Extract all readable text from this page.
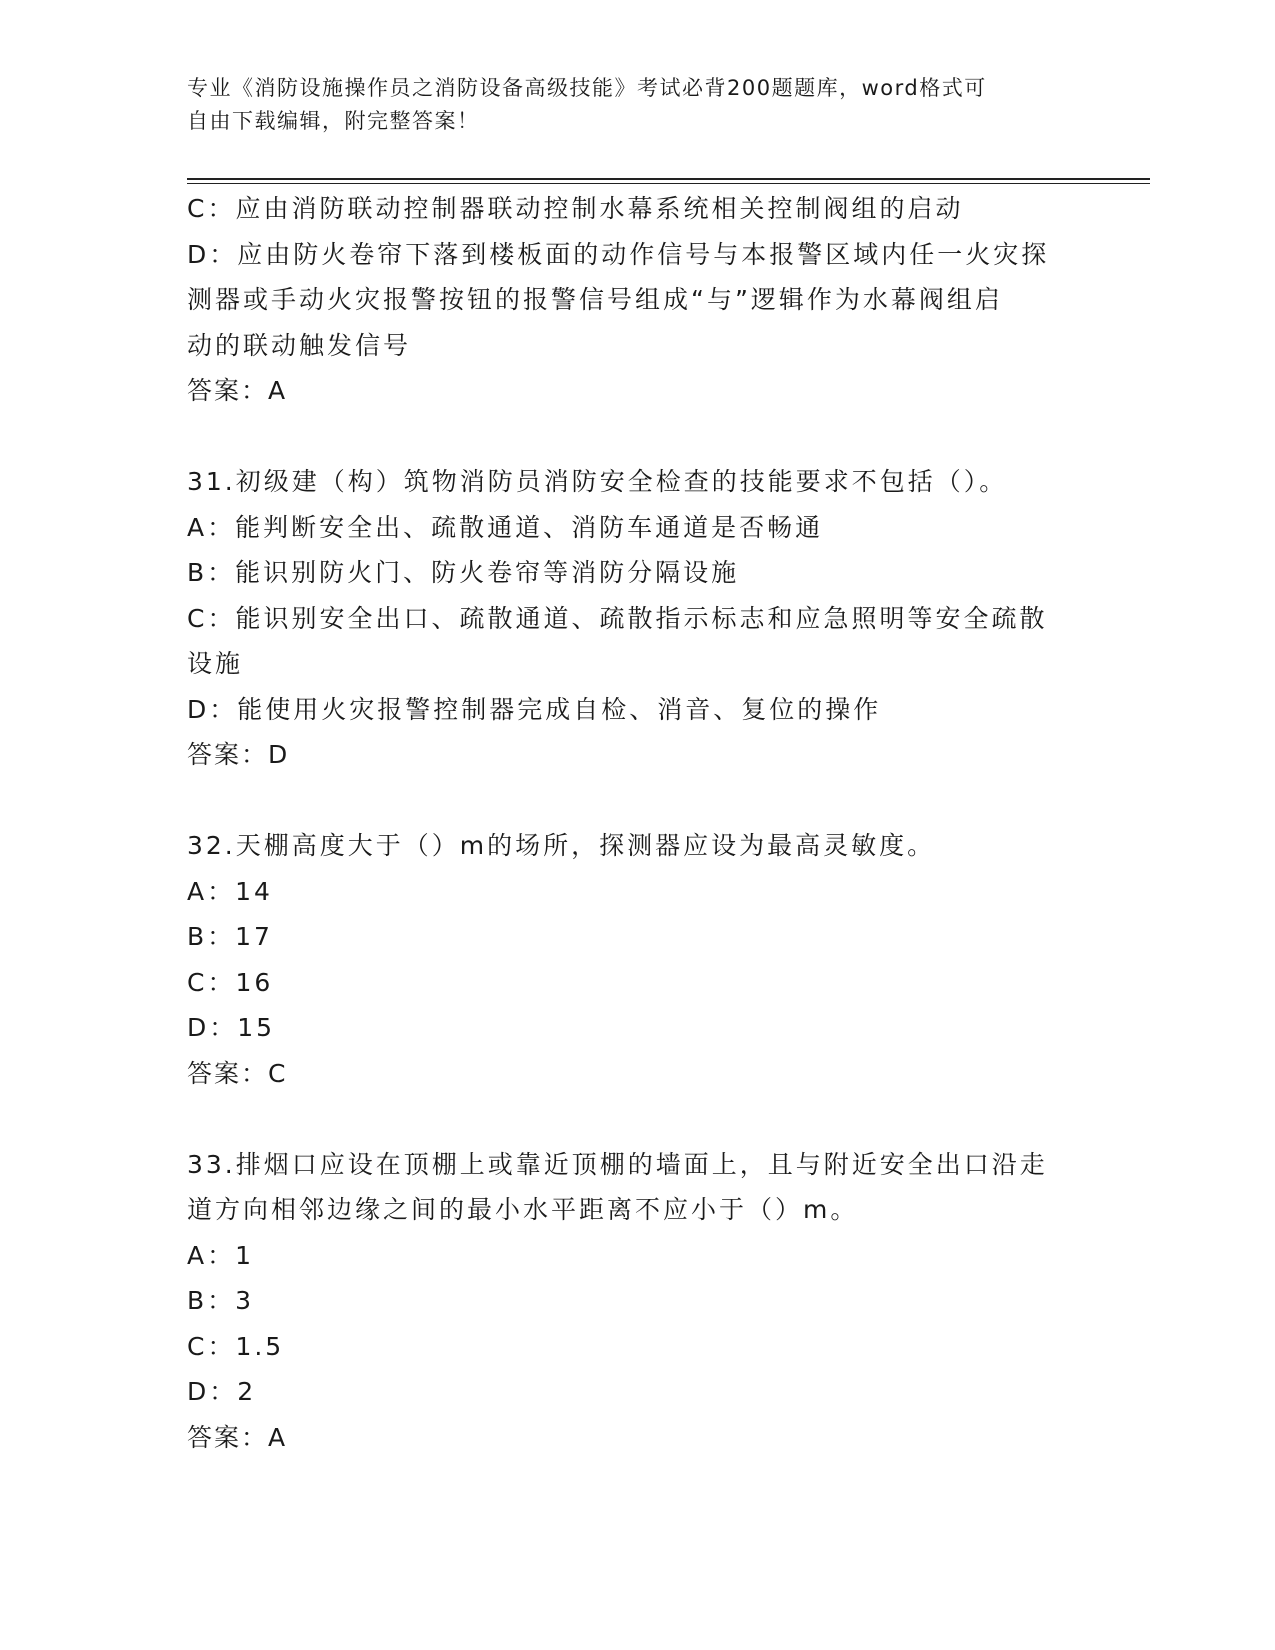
专业《消防设施操作员之消防设备高级技能》考试必背200题题库，word格式可
自由下载编辑，附完整答案！
C：应由消防联动控制器联动控制水幕系统相关控制阀组的启动
D：应由防火卷帘下落到楼板面的动作信号与本报警区域内任一火灾探
测器或手动火灾报警按钮的报警信号组成“与”逻辑作为水幕阀组启
动的联动触发信号
答案：A
31.初级建（构）筑物消防员消防安全检查的技能要求不包括（）。
A：能判断安全出、疏散通道、消防车通道是否畅通
B：能识别防火门、防火卷帘等消防分隔设施
C：能识别安全出口、疏散通道、疏散指示标志和应急照明等安全疏散
设施
D：能使用火灾报警控制器完成自检、消音、复位的操作
答案：D
32.天棚高度大于（）m的场所，探测器应设为最高灵敏度。
A：14
B：17
C：16
D：15
答案：C
33.排烟口应设在顶棚上或靠近顶棚的墙面上，且与附近安全出口沿走
道方向相邻边缘之间的最小水平距离不应小于（）m。
A：1
B：3
C：1.5
D：2
答案：A
